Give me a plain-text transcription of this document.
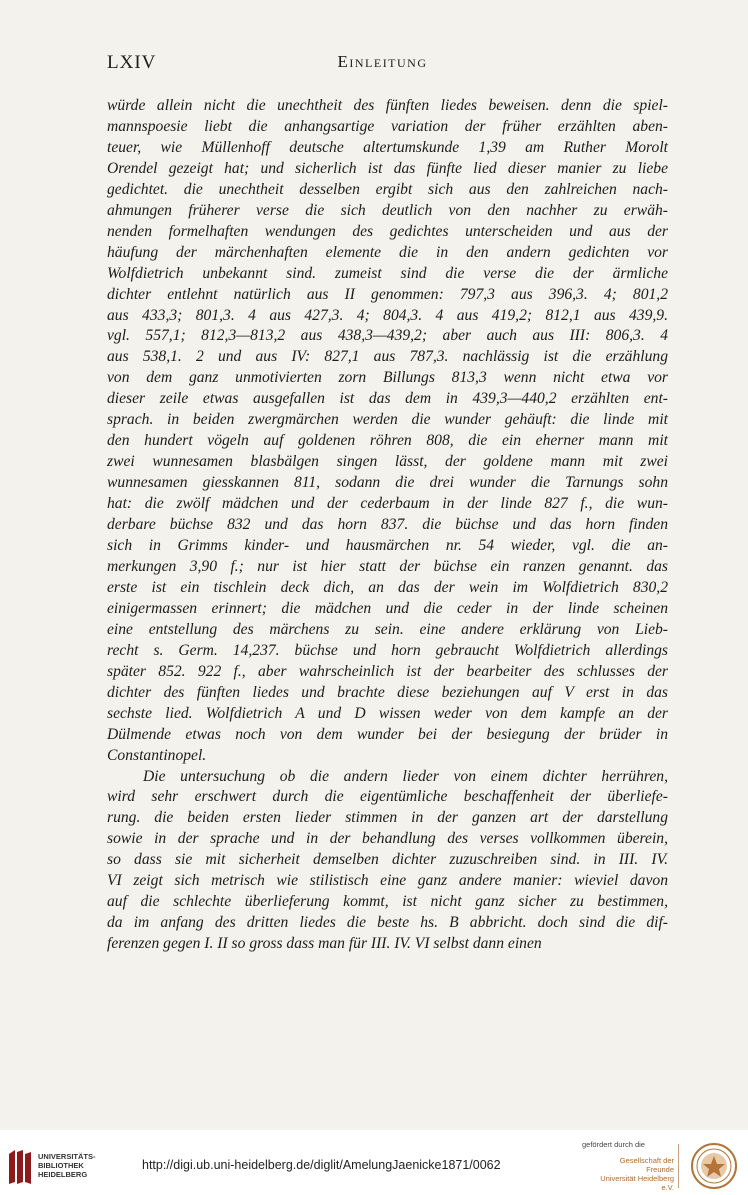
LXIV	Einleitung

würde allein nicht die unechtheit des fünften liedes beweisen. denn die spiel-
mannspoesie liebt die anhangsartige variation der früher erzählten aben-
teuer, wie Müllenhoff deutsche altertumskunde 1,39 am Ruther Morolt
Orendel gezeigt hat; und sicherlich ist das fünfte lied dieser manier zu liebe
gedichtet. die unechtheit desselben ergibt sich aus den zahlreichen nach-
ahmungen früherer verse die sich deutlich von den nachher zu erwäh-
nenden formelhaften wendungen des gedichtes unterscheiden und aus der
häufung der märchenhaften elemente die in den andern gedichten vor
Wolfdietrich unbekannt sind. zumeist sind die verse die der ärmliche
dichter entlehnt natürlich aus II genommen: 797,3 aus 396,3. 4; 801,2
aus 433,3; 801,3. 4 aus 427,3. 4; 804,3. 4 aus 419,2; 812,1 aus 439,9.
vgl. 557,1; 812,3—813,2 aus 438,3—439,2; aber auch aus III: 806,3. 4
aus 538,1. 2 und aus IV: 827,1 aus 787,3. nachlässig ist die erzählung
von dem ganz unmotivierten zorn Billungs 813,3 wenn nicht etwa vor
dieser zeile etwas ausgefallen ist das dem in 439,3—440,2 erzählten ent-
sprach. in beiden zwergmärchen werden die wunder gehäuft: die linde mit
den hundert vögeln auf goldenen röhren 808, die ein eherner mann mit
zwei wunnesamen blasbälgen singen lässt, der goldene mann mit zwei
wunnesamen giesskannen 811, sodann die drei wunder die Tarnungs sohn
hat: die zwölf mädchen und der cederbaum in der linde 827 f., die wun-
derbare büchse 832 und das horn 837. die büchse und das horn finden
sich in Grimms kinder- und hausmärchen nr. 54 wieder, vgl. die an-
merkungen 3,90 f.; nur ist hier statt der büchse ein ranzen genannt. das
erste ist ein tischlein deck dich, an das der wein im Wolfdietrich 830,2
einigermassen erinnert; die mädchen und die ceder in der linde scheinen
eine entstellung des märchens zu sein. eine andere erklärung von Lieb-
recht s. Germ. 14,237. büchse und horn gebraucht Wolfdietrich allerdings
später 852. 922 f., aber wahrscheinlich ist der bearbeiter des schlusses der
dichter des fünften liedes und brachte diese beziehungen auf V erst in das
sechste lied. Wolfdietrich A und D wissen weder von dem kampfe an der
Dülmende etwas noch von dem wunder bei der besiegung der brüder in
Constantinopel.

Die untersuchung ob die andern lieder von einem dichter herrühren,
wird sehr erschwert durch die eigentümliche beschaffenheit der überliefe-
rung. die beiden ersten lieder stimmen in der ganzen art der darstellung
sowie in der sprache und in der behandlung des verses vollkommen überein,
so dass sie mit sicherheit demselben dichter zuzuschreiben sind. in III. IV.
VI zeigt sich metrisch wie stilistisch eine ganz andere manier: wieviel davon
auf die schlechte überlieferung kommt, ist nicht ganz sicher zu bestimmen,
da im anfang des dritten liedes die beste hs. B abbricht. doch sind die dif-
ferenzen gegen I. II so gross dass man für III. IV. VI selbst dann einen

UNIVERSITÄTS-
BIBLIOTHEK
HEIDELBERG
http://digi.ub.uni-heidelberg.de/diglit/AmelungJaenicke1871/0062
gefördert durch die
Gesellschaft der Freunde
Universität Heidelberg e.V.
